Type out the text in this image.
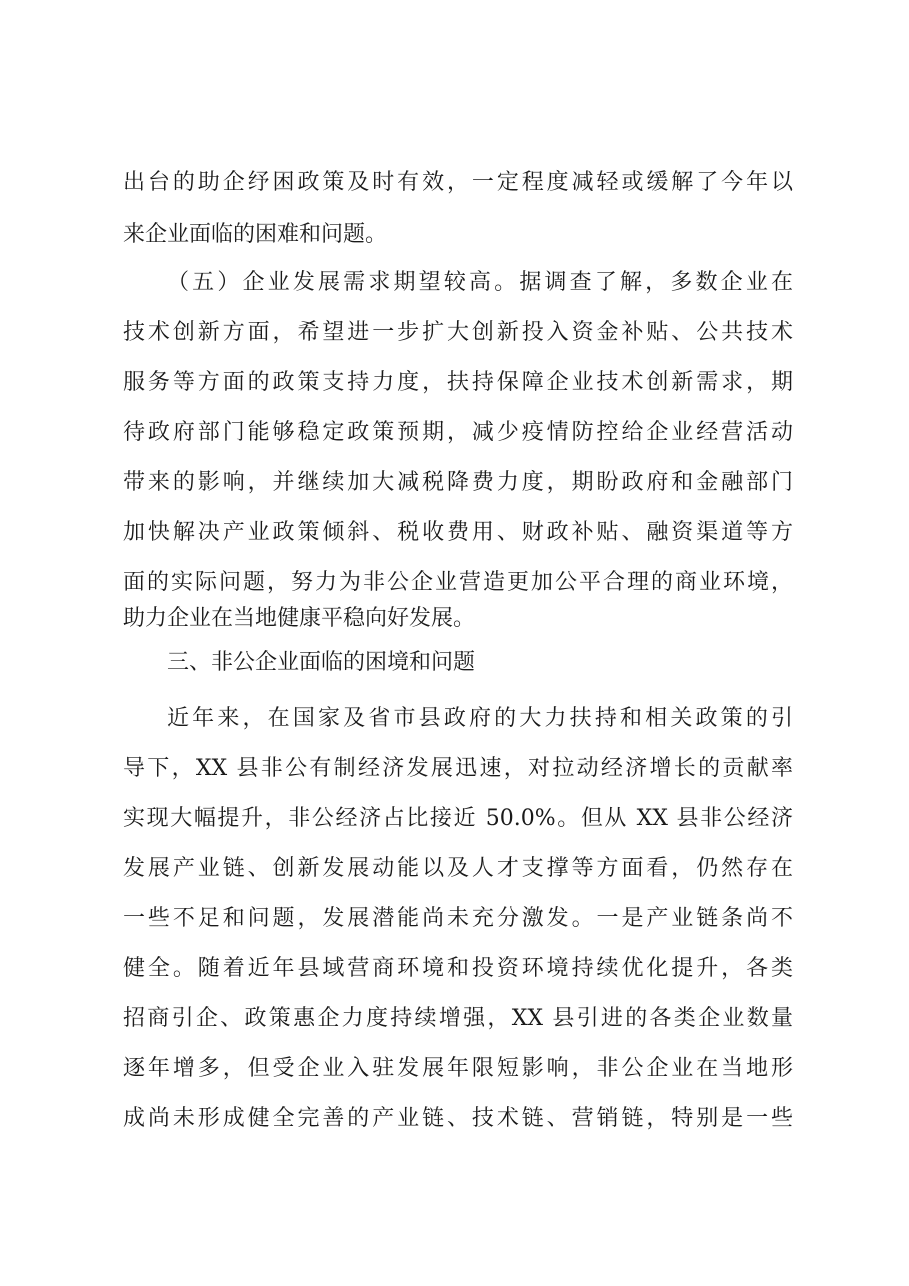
出台的助企纾困政策及时有效，一定程度减轻或缓解了今年以
来企业面临的困难和问题。
（五）企业发展需求期望较高。据调查了解，多数企业在
技术创新方面，希望进一步扩大创新投入资金补贴、公共技术
服务等方面的政策支持力度，扶持保障企业技术创新需求，期
待政府部门能够稳定政策预期，减少疫情防控给企业经营活动
带来的影响，并继续加大减税降费力度，期盼政府和金融部门
加快解决产业政策倾斜、税收费用、财政补贴、融资渠道等方
面的实际问题，努力为非公企业营造更加公平合理的商业环境，
助力企业在当地健康平稳向好发展。
三、非公企业面临的困境和问题
近年来，在国家及省市县政府的大力扶持和相关政策的引
导下，XX 县非公有制经济发展迅速，对拉动经济增长的贡献率
实现大幅提升，非公经济占比接近 50.0%。但从 XX 县非公经济
发展产业链、创新发展动能以及人才支撑等方面看，仍然存在
一些不足和问题，发展潜能尚未充分激发。一是产业链条尚不
健全。随着近年县域营商环境和投资环境持续优化提升，各类
招商引企、政策惠企力度持续增强，XX 县引进的各类企业数量
逐年增多，但受企业入驻发展年限短影响，非公企业在当地形
成尚未形成健全完善的产业链、技术链、营销链，特别是一些
